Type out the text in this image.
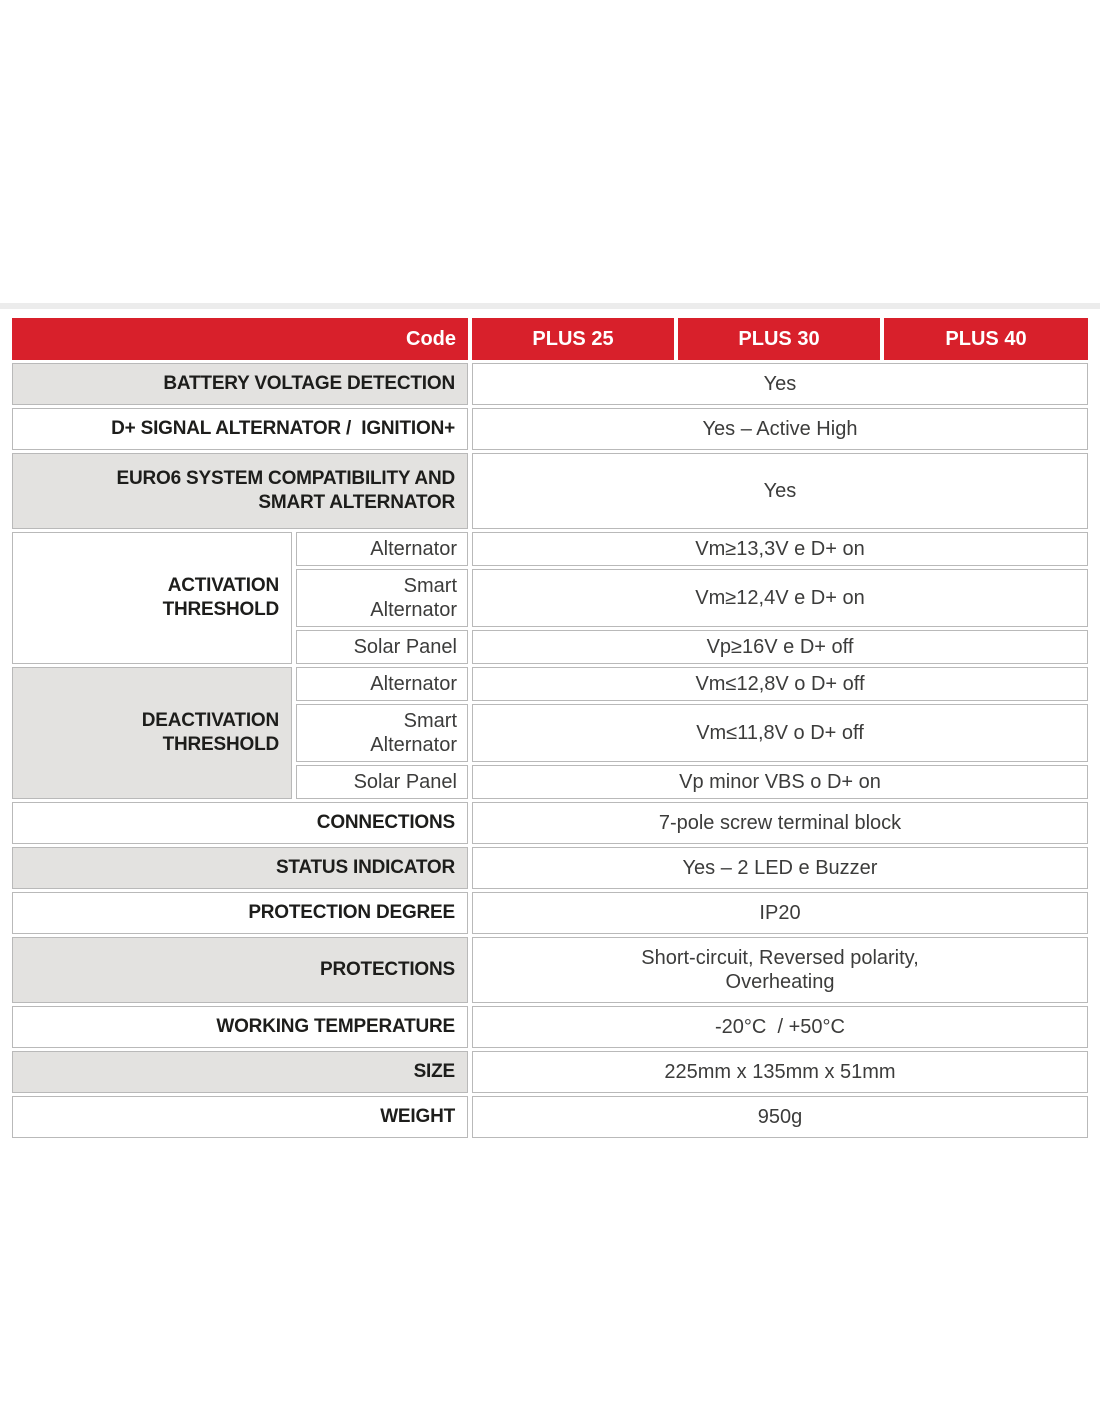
Code		PLUS 25	PLUS 30	PLUS 40
BATTERY VOLTAGE DETECTION		Yes		
D+ SIGNAL ALTERNATOR /  IGNITION+		Yes – Active High		
EURO6 SYSTEM COMPATIBILITY AND
SMART ALTERNATOR		Yes		
ACTIVATION
THRESHOLD	Alternator	Vm≥13,3V e D+ on		
	Smart
Alternator	Vm≥12,4V e D+ on		
	Solar Panel	Vp≥16V e D+ off		
DEACTIVATION
THRESHOLD	Alternator	Vm≤12,8V o D+ off		
	Smart
Alternator	Vm≤11,8V o D+ off		
	Solar Panel	Vp minor VBS o D+ on		
CONNECTIONS		7-pole screw terminal block		
STATUS INDICATOR		Yes – 2 LED e Buzzer		
PROTECTION DEGREE		IP20		
PROTECTIONS		Short-circuit, Reversed polarity,
Overheating		
WORKING TEMPERATURE		-20°C  / +50°C		
SIZE		225mm x 135mm x 51mm		
WEIGHT		950g		
